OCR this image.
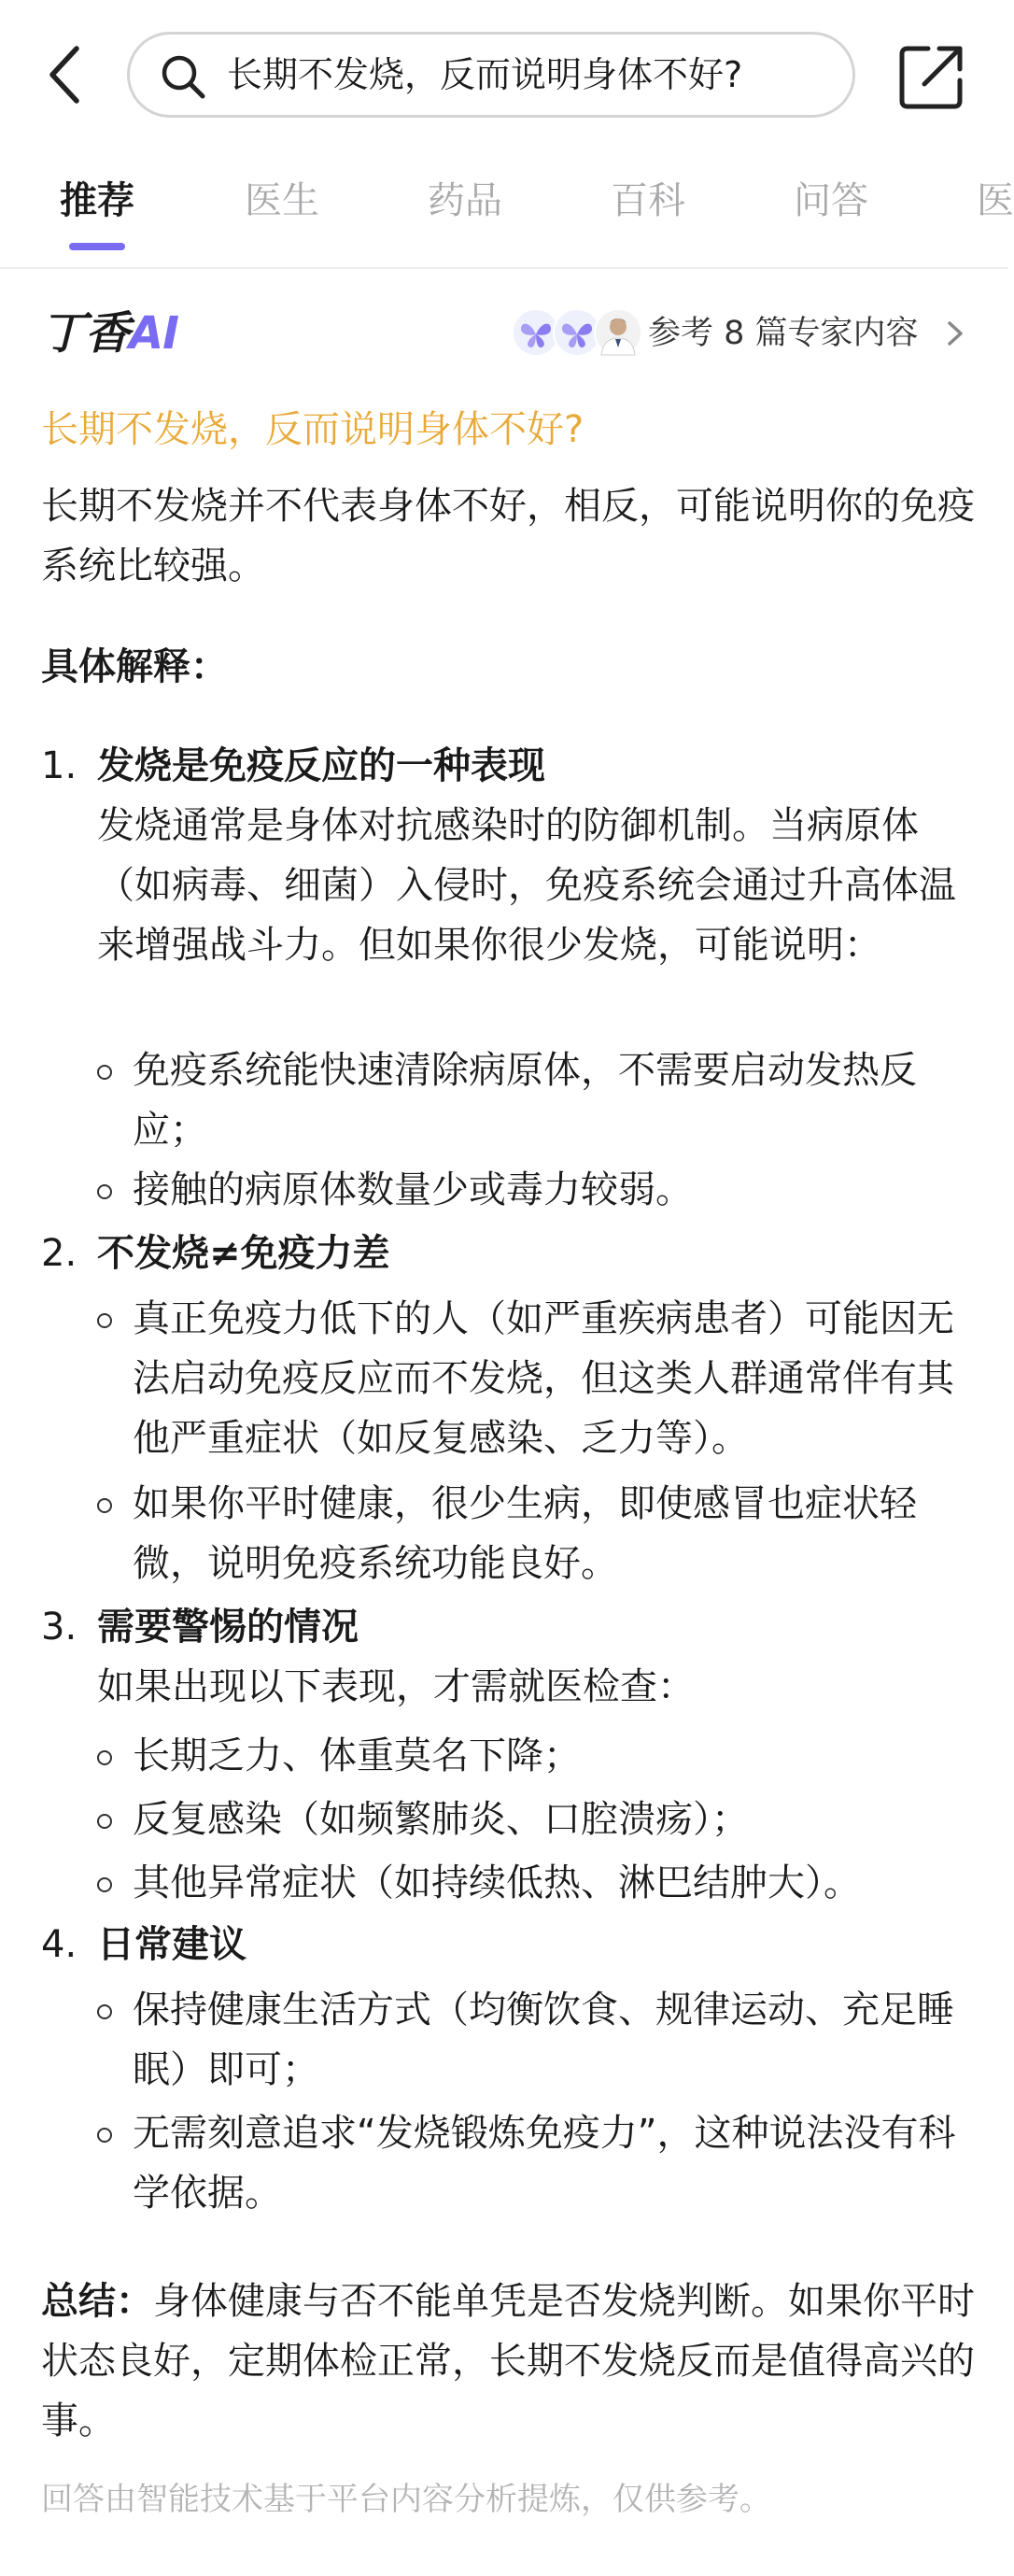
长期不发烧，反而说明身体不好?
推荐	医生	药品	百科	问答	医
丁香AI	参考 8 篇专家内容
长期不发烧，反而说明身体不好?
长期不发烧并不代表身体不好，相反，可能说明你的免疫系统比较强。
具体解释：
1. 发烧是免疫反应的一种表现
发烧通常是身体对抗感染时的防御机制。当病原体（如病毒、细菌）入侵时，免疫系统会通过升高体温来增强战斗力。但如果你很少发烧，可能说明：
免疫系统能快速清除病原体，不需要启动发热反应；
接触的病原体数量少或毒力较弱。
2. 不发烧≠免疫力差
真正免疫力低下的人（如严重疾病患者）可能因无法启动免疫反应而不发烧，但这类人群通常伴有其他严重症状（如反复感染、乏力等）。
如果你平时健康，很少生病，即使感冒也症状轻微，说明免疫系统功能良好。
3. 需要警惕的情况
如果出现以下表现，才需就医检查：
长期乏力、体重莫名下降；
反复感染（如频繁肺炎、口腔溃疡）；
其他异常症状（如持续低热、淋巴结肿大）。
4. 日常建议
保持健康生活方式（均衡饮食、规律运动、充足睡眠）即可；
无需刻意追求“发烧锻炼免疫力”，这种说法没有科学依据。
总结：身体健康与否不能单凭是否发烧判断。如果你平时状态良好，定期体检正常，长期不发烧反而是值得高兴的事。
回答由智能技术基于平台内容分析提炼，仅供参考。
